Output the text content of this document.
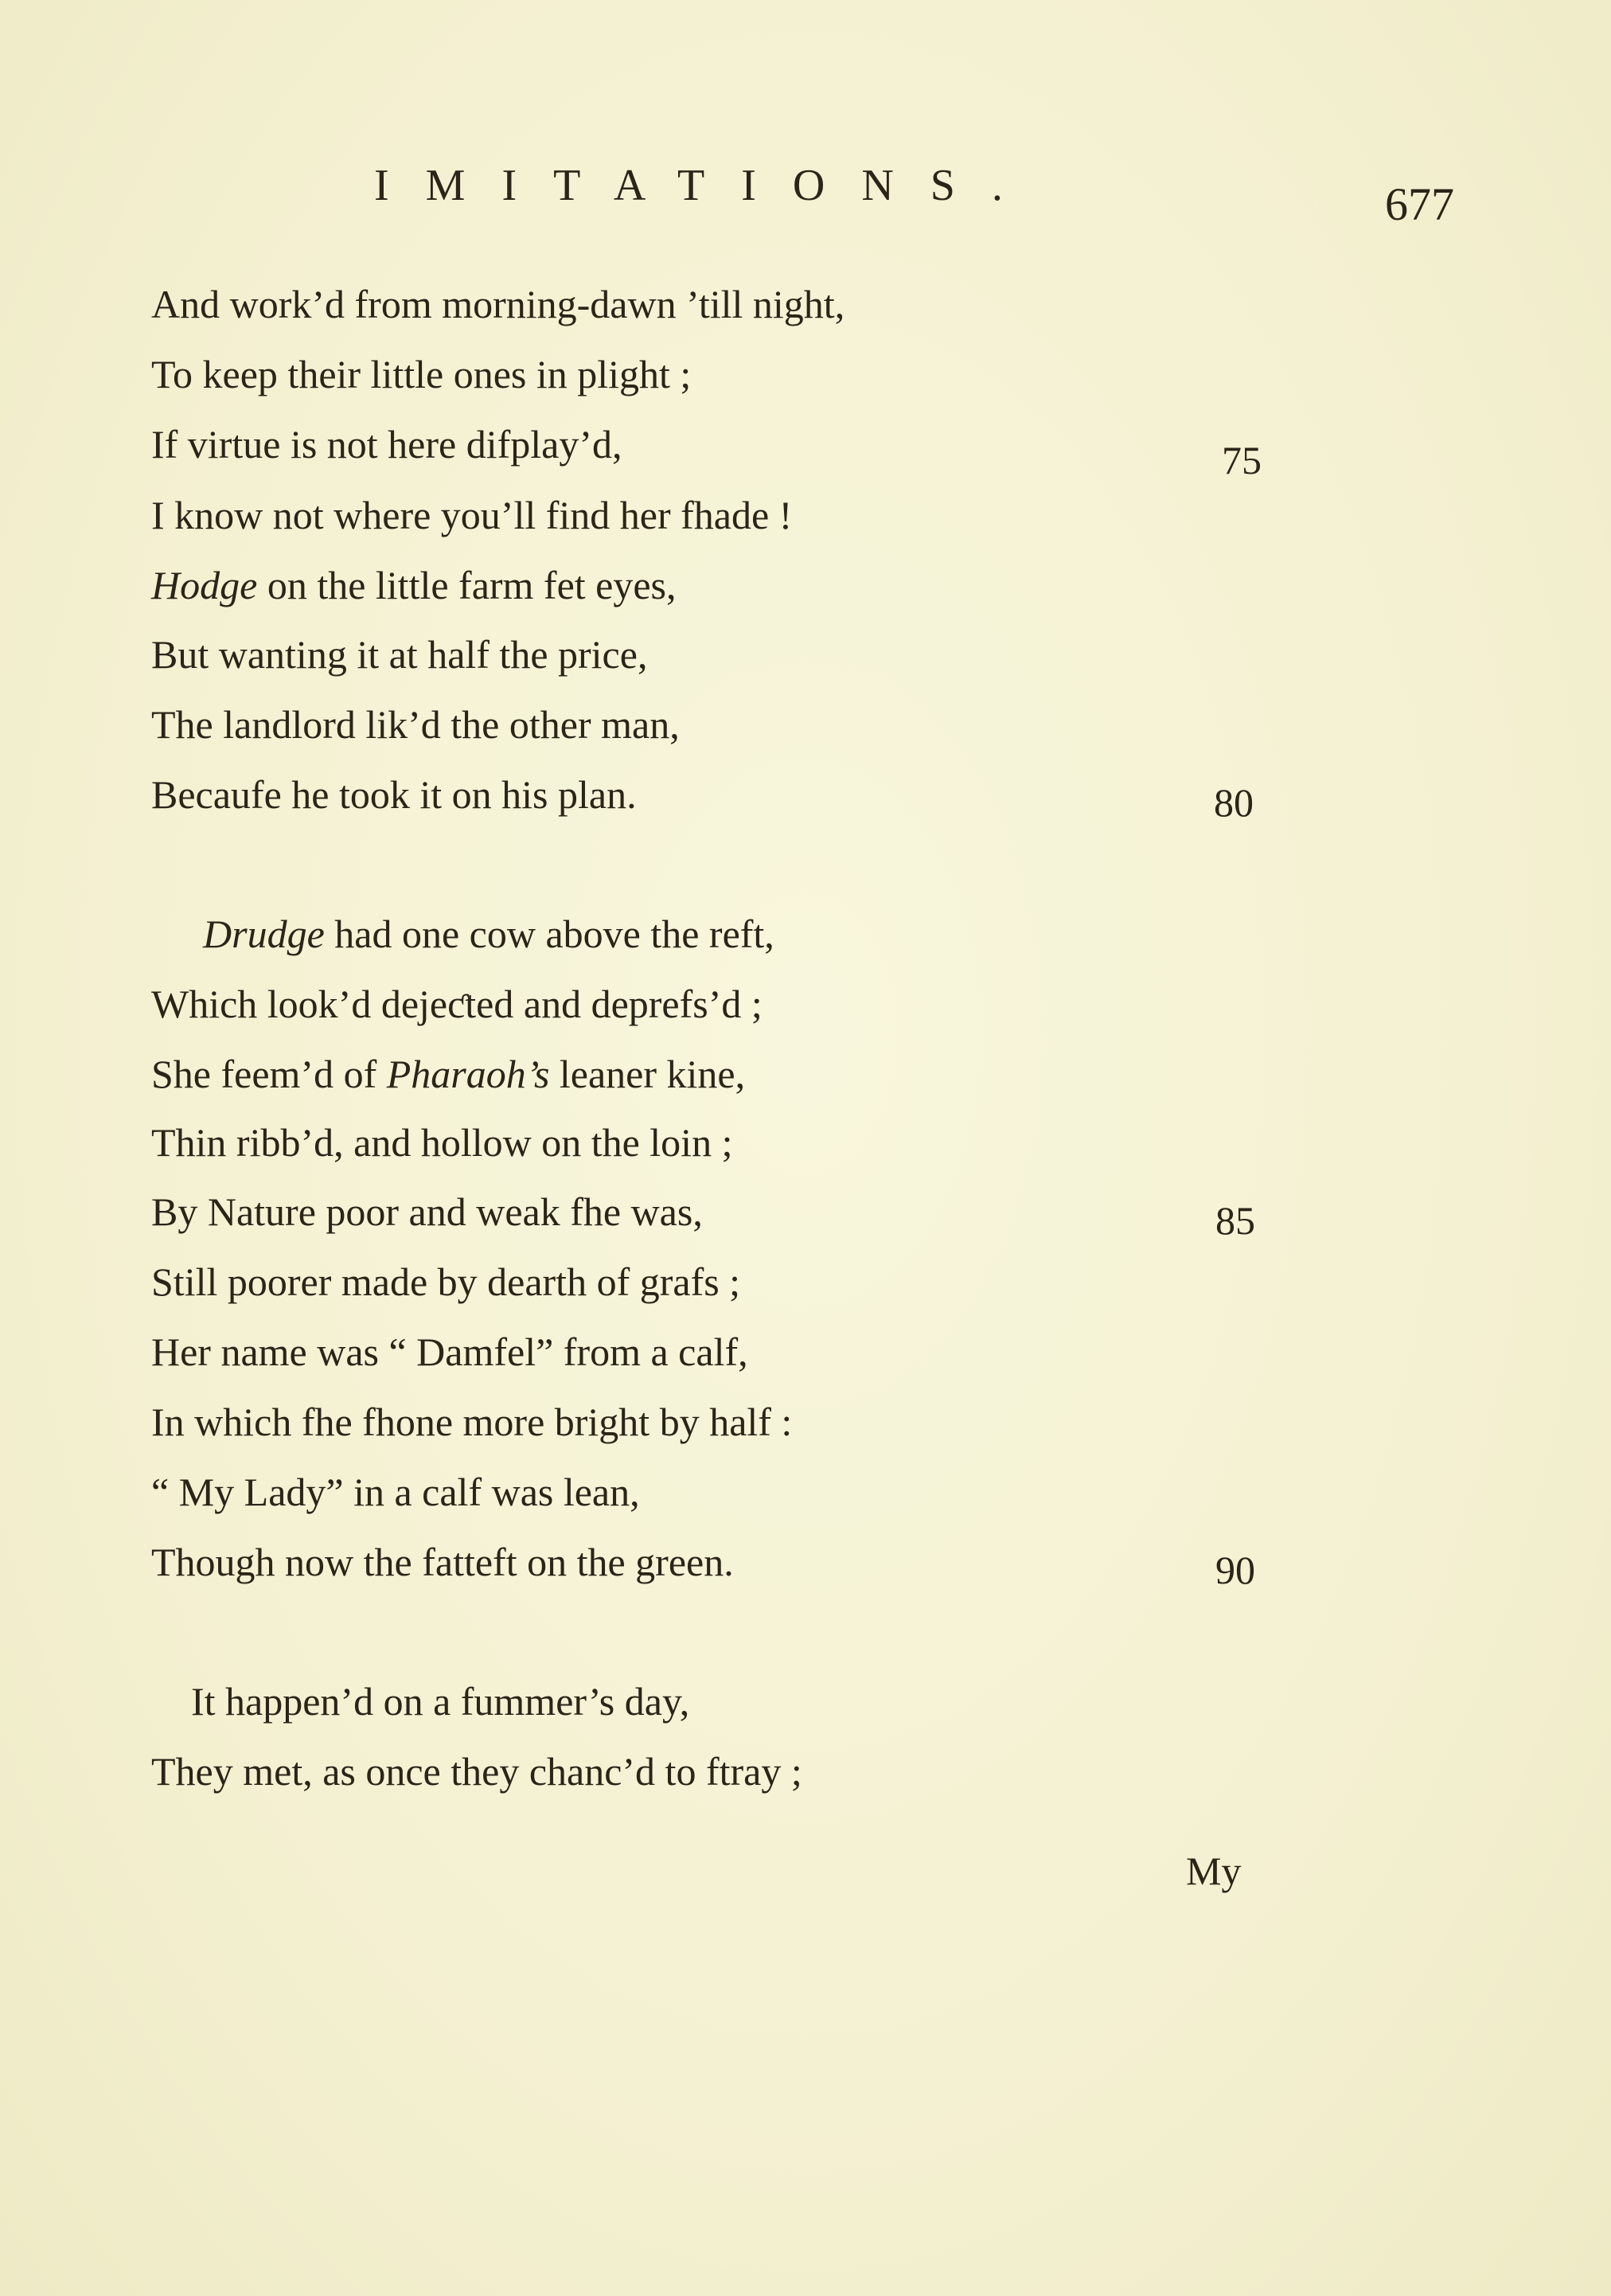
IMITATIONS.	677
And work’d from morning-dawn ’till night,
To keep their little ones in plight ;
If virtue is not here difplay’d,	75
I know not where you’ll find her fhade !
Hodge on the little farm fet eyes,
But wanting it at half the price,
The landlord lik’d the other man,
Becaufe he took it on his plan.	80
Drudge had one cow above the reft,
Which look’d dejeƈted and deprefs’d ;
She feem’d of Pharaoh’s leaner kine,
Thin ribb’d, and hollow on the loin ;
By Nature poor and weak fhe was,	85
Still poorer made by dearth of grafs ;
Her name was “ Damfel” from a calf,
In which fhe fhone more bright by half :
“ My Lady” in a calf was lean,
Though now the fatteft on the green.	90
It happen’d on a fummer’s day,
They met, as once they chanc’d to ftray ;
My
